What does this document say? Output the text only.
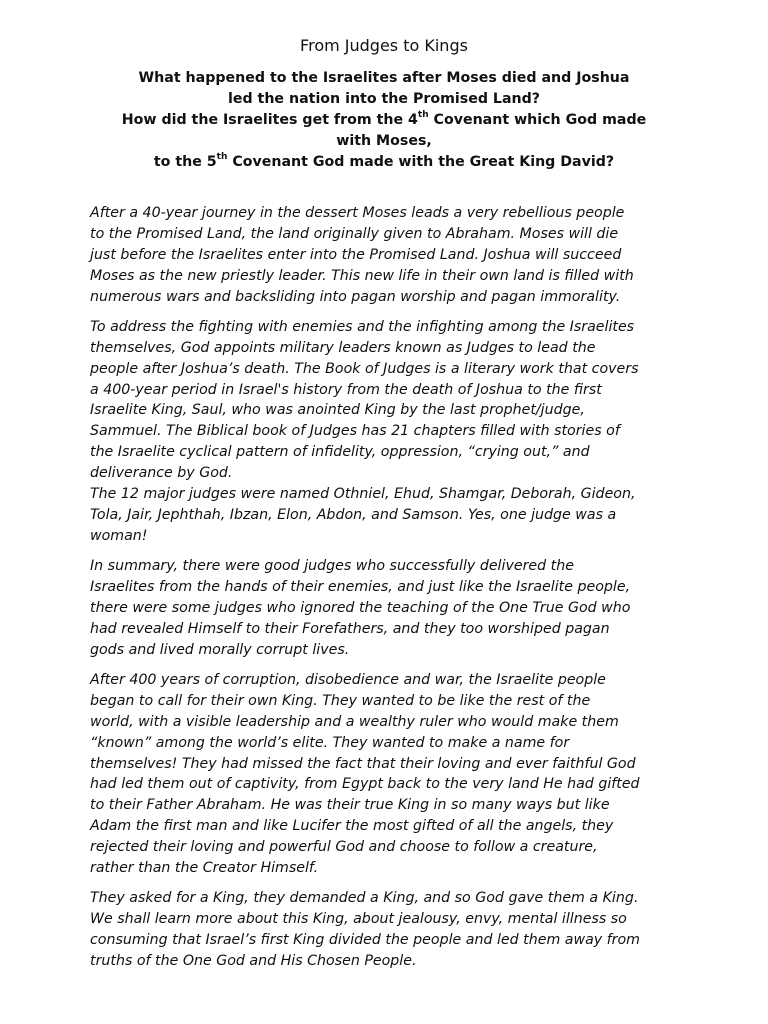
From Judges to Kings

What happened to the Israelites after Moses died and Joshua

led the nation into the Promised Land?

How did the Israelites get from the 4th Covenant which God made

with Moses,

to the 5th Covenant God made with the Great King David?

After a 40-year journey in the dessert Moses leads a very rebellious people
to the Promised Land, the land originally given to Abraham. Moses will die
just before the Israelites enter into the Promised Land. Joshua will succeed
Moses as the new priestly leader. This new life in their own land is filled with
numerous wars and backsliding into pagan worship and pagan immorality.

To address the fighting with enemies and the infighting among the Israelites
themselves, God appoints military leaders known as Judges to lead the
people after Joshua’s death. The Book of Judges is a literary work that covers
a 400-year period in Israel's history from the death of Joshua to the first
Israelite King, Saul, who was anointed King by the last prophet/judge,
Sammuel. The Biblical book of Judges has 21 chapters filled with stories of
the Israelite cyclical pattern of infidelity, oppression, “crying out,” and
deliverance by God.
The 12 major judges were named Othniel, Ehud, Shamgar, Deborah, Gideon,
Tola, Jair, Jephthah, Ibzan, Elon, Abdon, and Samson. Yes, one judge was a
woman!

In summary, there were good judges who successfully delivered the
Israelites from the hands of their enemies, and just like the Israelite people,
there were some judges who ignored the teaching of the One True God who
had revealed Himself to their Forefathers, and they too worshiped pagan
gods and lived morally corrupt lives.

After 400 years of corruption, disobedience and war, the Israelite people
began to call for their own King. They wanted to be like the rest of the
world, with a visible leadership and a wealthy ruler who would make them
“known” among the world’s elite. They wanted to make a name for
themselves! They had missed the fact that their loving and ever faithful God
had led them out of captivity, from Egypt back to the very land He had gifted
to their Father Abraham. He was their true King in so many ways but like
Adam the first man and like Lucifer the most gifted of all the angels, they
rejected their loving and powerful God and choose to follow a creature,
rather than the Creator Himself.

They asked for a King, they demanded a King, and so God gave them a King.
We shall learn more about this King, about jealousy, envy, mental illness so
consuming that Israel’s first King divided the people and led them away from
truths of the One God and His Chosen People.
